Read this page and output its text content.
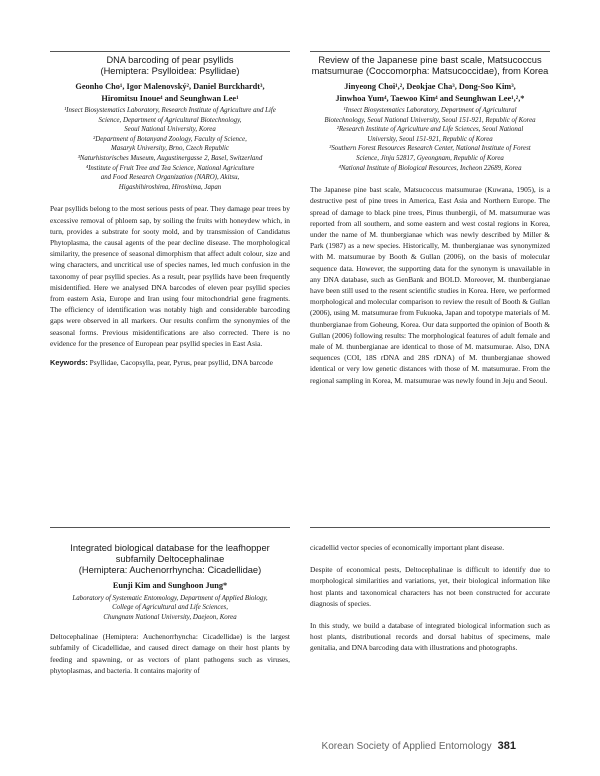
DNA barcoding of pear psyllids
(Hemiptera: Psylloidea: Psyllidae)

Geonho Cho¹, Igor Malenovský², Daniel Burckhardt³,
Hiromitsu Inoue⁴ and Seunghwan Lee¹

¹Insect Biosystematics Laboratory, Research Institute of Agriculture and Life
Science, Department of Agricultural Biotechnology,
Seoul National University, Korea
²Department of Botanyand Zoology, Faculty of Science,
Masaryk University, Brno, Czech Republic
³Naturhistorisches Museum, Augustinergasse 2, Basel, Switzerland
⁴Institute of Fruit Tree and Tea Science, National Agriculture
and Food Research Organization (NARO), Akitsu,
Higashihiroshima, Hiroshima, Japan

Pear psyllids belong to the most serious pests of pear. They damage pear trees by excessive removal of phloem sap, by soiling the fruits with honeydew which, in turn, provides a substrate for sooty mold, and by transmission of Candidatus Phytoplasma, the causal agents of the pear decline disease. The morphological similarity, the presence of seasonal dimorphism that affect adult colour, size and wing characters, and uncritical use of species names, led much confusion in the taxonomy of pear psyllid species. As a result, pear psyllids have been frequently misidentified. Here we analysed DNA barcodes of eleven pear psyllid species from eastern Asia, Europe and Iran using four mitochondrial gene fragments. The efficiency of identification was notably high and considerable barcoding gaps were observed in all markers. Our results confirm the synonymies of the seasonal forms. Previous misidentifications are also corrected. There is no evidence for the presence of European pear psyllid species in East Asia.

Keywords: Psyllidae, Cacopsylla, pear, Pyrus, pear psyllid, DNA barcode

Review of the Japanese pine bast scale, Matsucoccus
matsumurae (Coccomorpha: Matsucoccidae), from Korea

Jinyeong Choi¹,², Deokjae Cha³, Dong-Soo Kim³,
Jinwhoa Yum⁴, Taewoo Kim⁴ and Seunghwan Lee¹,²,*

¹Insect Biosystematics Laboratory, Department of Agricultural
Biotechnology, Seoul National University, Seoul 151-921, Republic of Korea
²Research Institute of Agriculture and Life Sciences, Seoul National
University, Seoul 151-921, Republic of Korea
³Southern Forest Resources Research Center, National Institute of Forest
Science, Jinju 52817, Gyeongnam, Republic of Korea
⁴National Institute of Biological Resources, Incheon 22689, Korea

The Japanese pine bast scale, Matsucoccus matsumurae (Kuwana, 1905), is a destructive pest of pine trees in America, East Asia and Northern Europe. The spread of damage to black pine trees, Pinus thunbergii, of M. matsumurae was reported from all southern, and some eastern and west costal regions in Korea, under the name of M. thunbergianae which was newly described by Miller & Park (1987) as a new species. Historically, M. thunbergianae was synonymized with M. matsumurae by Booth & Gullan (2006), on the basis of molecular sequence data. However, the supporting data for the synonym is unavailable in any DNA database, such as GenBank and BOLD. Moreover, M. thunbergianae have been still used to the resent scientific studies in Korea. Here, we performed morphological and molecular comparison to review the result of Booth & Gullan (2006), using M. matsumurae from Fukuoka, Japan and topotype materials of M. thunbergianae from Goheung, Korea. Our data supported the opinion of Booth & Gullan (2006) following results: The morphological features of adult female and male of M. thunbergianae are identical to those of M. matsumurae. Also, DNA sequences (COI, 18S rDNA and 28S rDNA) of M. thunbergianae showed identical or very low genetic distances with those of M. matsumurae. From the regional sampling in Korea, M. matsumurae was newly found in Jeju and Seoul.

Integrated biological database for the leafhopper
subfamily Deltocephalinae
(Hemiptera: Auchenorrhyncha: Cicadellidae)

Eunji Kim and Sunghoon Jung*

Laboratory of Systematic Entomology, Department of Applied Biology,
College of Agricultural and Life Sciences,
Chungnam National University, Daejeon, Korea

Deltocephalinae (Hemiptera: Auchenorrhyncha: Cicadellidae) is the largest subfamily of Cicadellidae, and caused direct damage on their host plants by feeding and spawning, or as vectors of plant pathogens such as viruses, phytoplasmas, and bacteria. It contains majority of

cicadellid vector species of economically important plant disease.

Despite of economical pests, Deltocephalinae is difficult to identify due to morphological similarities and variations, yet, their biological information like host plants and taxonomical characters has not been constructed for accurate diagnosis of species.

In this study, we build a database of integrated biological information such as host plants, distributional records and dorsal habitus of specimens, male genitalia, and DNA barcoding data with illustrations and photographs.

Korean Society of Applied Entomology 381
